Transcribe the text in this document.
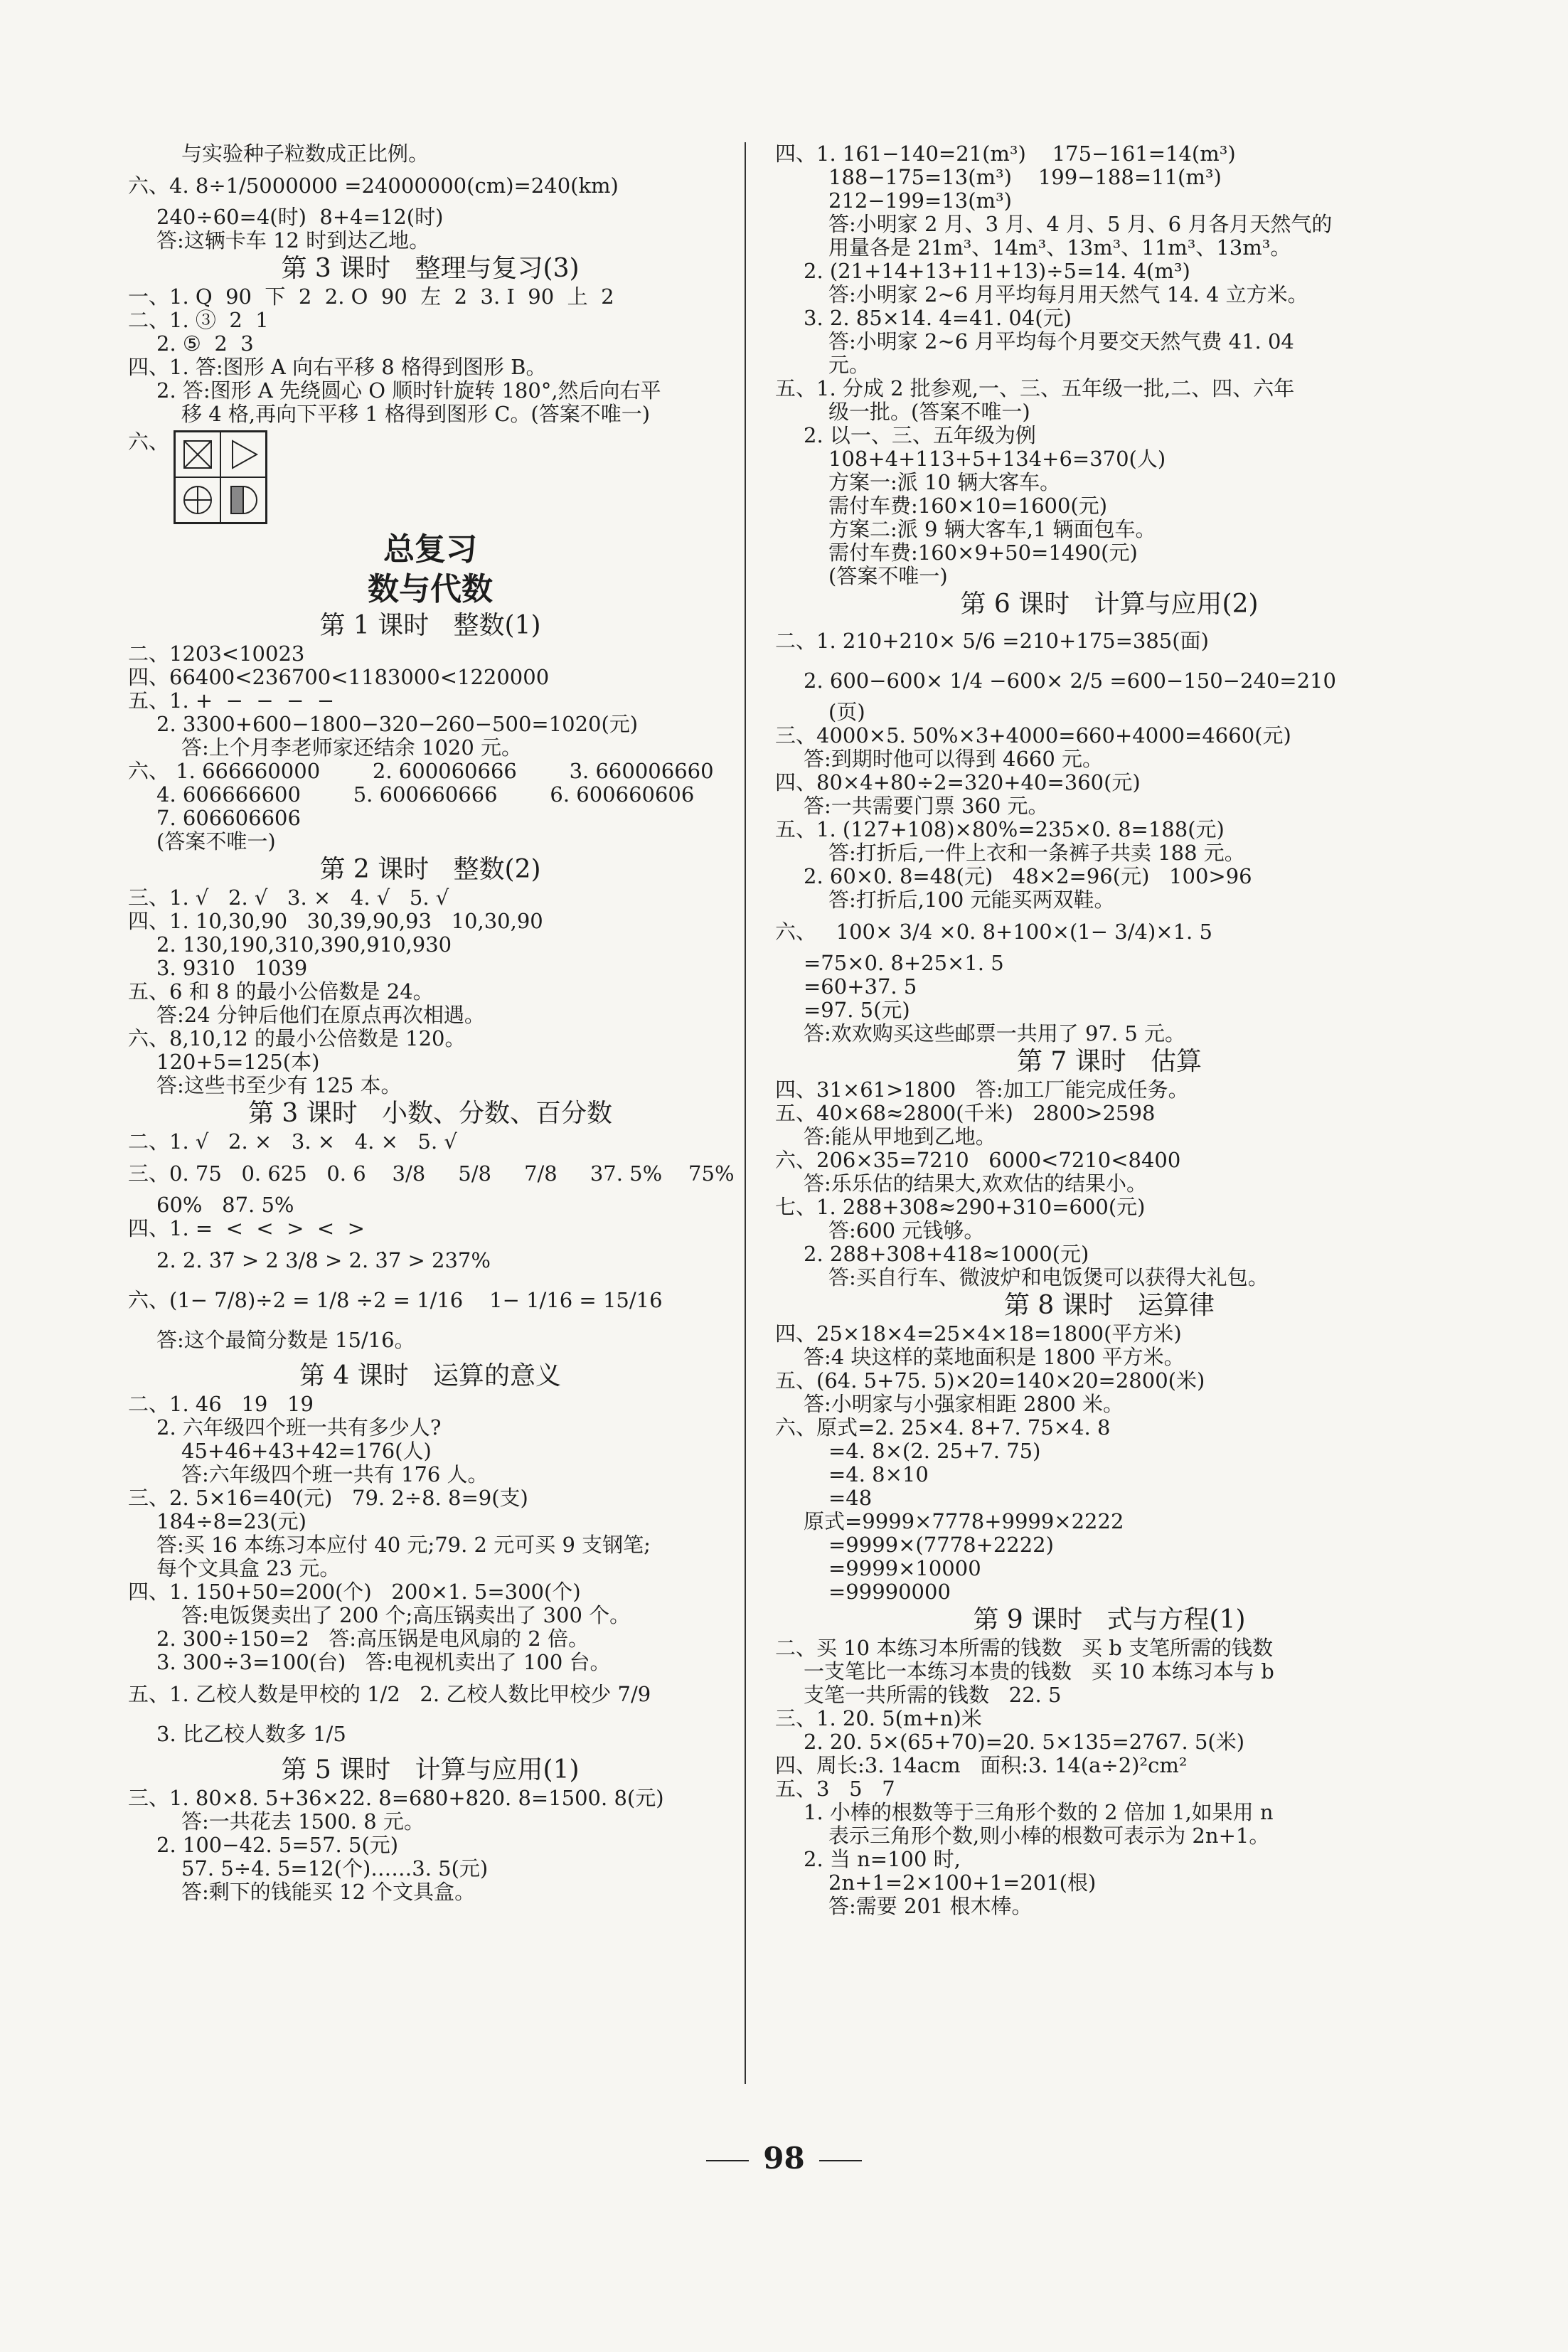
与实验种子粒数成正比例。
六、4. 8÷1/5000000 =24000000(cm)=240(km)
240÷60=4(时)  8+4=12(时)
答:这辆卡车 12 时到达乙地。
第 3 课时   整理与复习(3)
一、1. Q  90  下  2  2. O  90  左  2  3. I  90  上  2
二、1. ③  2  1
2. ⑤  2  3
四、1. 答:图形 A 向右平移 8 格得到图形 B。
2. 答:图形 A 先绕圆心 O 顺时针旋转 180°,然后向右平
移 4 格,再向下平移 1 格得到图形 C。(答案不唯一)
六、
总复习
数与代数
第 1 课时   整数(1)
二、1203<10023
四、66400<236700<1183000<1220000
五、1. +  −  −  −  −
2. 3300+600−1800−320−260−500=1020(元)
答:上个月李老师家还结余 1020 元。
六、 1. 666660000        2. 600060666        3. 660006660
4. 606666600        5. 600660666        6. 600660606
7. 606606606
(答案不唯一)
第 2 课时   整数(2)
三、1. √   2. √   3. ×   4. √   5. √
四、1. 10,30,90   30,39,90,93   10,30,90
2. 130,190,310,390,910,930
3. 9310   1039
五、6 和 8 的最小公倍数是 24。
答:24 分钟后他们在原点再次相遇。
六、8,10,12 的最小公倍数是 120。
120+5=125(本)
答:这些书至少有 125 本。
第 3 课时   小数、分数、百分数
二、1. √   2. ×   3. ×   4. ×   5. √
三、0. 75   0. 625   0. 6    3/8     5/8     7/8     37. 5%    75%
60%   87. 5%
四、1. =  <  <  >  <  >
2. 2. 3̇7̇ > 2 3/8 > 2. 3̇7 > 237%
六、(1− 7/8)÷2 = 1/8 ÷2 = 1/16    1− 1/16 = 15/16
答:这个最简分数是 15/16。
第 4 课时   运算的意义
二、1. 46   19   19
2. 六年级四个班一共有多少人?
45+46+43+42=176(人)
答:六年级四个班一共有 176 人。
三、2. 5×16=40(元)   79. 2÷8. 8=9(支)
184÷8=23(元)
答:买 16 本练习本应付 40 元;79. 2 元可买 9 支钢笔;
每个文具盒 23 元。
四、1. 150+50=200(个)   200×1. 5=300(个)
答:电饭煲卖出了 200 个;高压锅卖出了 300 个。
2. 300÷150=2   答:高压锅是电风扇的 2 倍。
3. 300÷3=100(台)   答:电视机卖出了 100 台。
五、1. 乙校人数是甲校的 1/2   2. 乙校人数比甲校少 7/9
3. 比乙校人数多 1/5
第 5 课时   计算与应用(1)
三、1. 80×8. 5+36×22. 8=680+820. 8=1500. 8(元)
答:一共花去 1500. 8 元。
2. 100−42. 5=57. 5(元)
57. 5÷4. 5=12(个)……3. 5(元)
答:剩下的钱能买 12 个文具盒。
四、1. 161−140=21(m³)    175−161=14(m³)
188−175=13(m³)    199−188=11(m³)
212−199=13(m³)
答:小明家 2 月、3 月、4 月、5 月、6 月各月天然气的
用量各是 21m³、14m³、13m³、11m³、13m³。
2. (21+14+13+11+13)÷5=14. 4(m³)
答:小明家 2~6 月平均每月用天然气 14. 4 立方米。
3. 2. 85×14. 4=41. 04(元)
答:小明家 2~6 月平均每个月要交天然气费 41. 04
元。
五、1. 分成 2 批参观,一、三、五年级一批,二、四、六年
级一批。(答案不唯一)
2. 以一、三、五年级为例
108+4+113+5+134+6=370(人)
方案一:派 10 辆大客车。
需付车费:160×10=1600(元)
方案二:派 9 辆大客车,1 辆面包车。
需付车费:160×9+50=1490(元)
(答案不唯一)
第 6 课时   计算与应用(2)
二、1. 210+210× 5/6 =210+175=385(面)
2. 600−600× 1/4 −600× 2/5 =600−150−240=210
(页)
三、4000×5. 50%×3+4000=660+4000=4660(元)
答:到期时他可以得到 4660 元。
四、80×4+80÷2=320+40=360(元)
答:一共需要门票 360 元。
五、1. (127+108)×80%=235×0. 8=188(元)
答:打折后,一件上衣和一条裤子共卖 188 元。
2. 60×0. 8=48(元)   48×2=96(元)   100>96
答:打折后,100 元能买两双鞋。
六、   100× 3/4 ×0. 8+100×(1− 3/4)×1. 5
=75×0. 8+25×1. 5
=60+37. 5
=97. 5(元)
答:欢欢购买这些邮票一共用了 97. 5 元。
第 7 课时   估算
四、31×61>1800   答:加工厂能完成任务。
五、40×68≈2800(千米)   2800>2598
答:能从甲地到乙地。
六、206×35=7210   6000<7210<8400
答:乐乐估的结果大,欢欢估的结果小。
七、1. 288+308≈290+310=600(元)
答:600 元钱够。
2. 288+308+418≈1000(元)
答:买自行车、微波炉和电饭煲可以获得大礼包。
第 8 课时   运算律
四、25×18×4=25×4×18=1800(平方米)
答:4 块这样的菜地面积是 1800 平方米。
五、(64. 5+75. 5)×20=140×20=2800(米)
答:小明家与小强家相距 2800 米。
六、原式=2. 25×4. 8+7. 75×4. 8
=4. 8×(2. 25+7. 75)
=4. 8×10
=48
原式=9999×7778+9999×2222
=9999×(7778+2222)
=9999×10000
=99990000
第 9 课时   式与方程(1)
二、买 10 本练习本所需的钱数   买 b 支笔所需的钱数
一支笔比一本练习本贵的钱数   买 10 本练习本与 b
支笔一共所需的钱数   22. 5
三、1. 20. 5(m+n)米
2. 20. 5×(65+70)=20. 5×135=2767. 5(米)
四、周长:3. 14acm   面积:3. 14(a÷2)²cm²
五、3   5   7
1. 小棒的根数等于三角形个数的 2 倍加 1,如果用 n
表示三角形个数,则小棒的根数可表示为 2n+1。
2. 当 n=100 时,
2n+1=2×100+1=201(根)
答:需要 201 根木棒。
98
